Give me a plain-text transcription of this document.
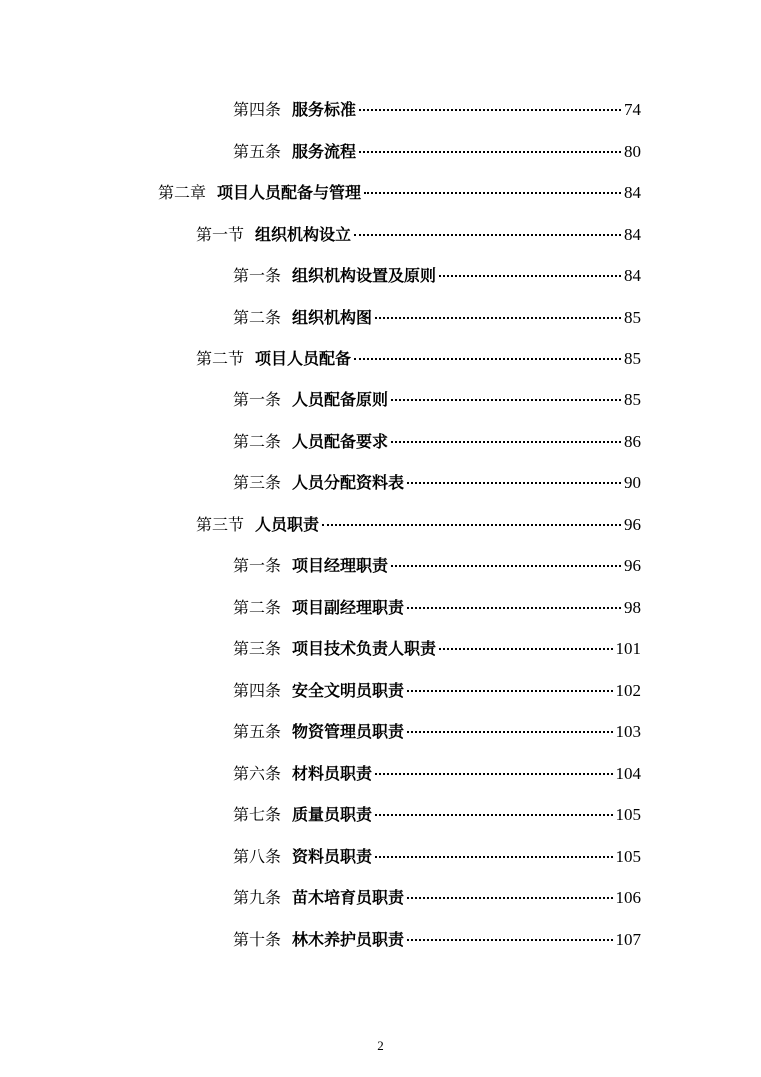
第四条 服务标准	74
第五条 服务流程	80
第二章 项目人员配备与管理	84
第一节 组织机构设立	84
第一条 组织机构设置及原则	84
第二条 组织机构图	85
第二节 项目人员配备	85
第一条 人员配备原则	85
第二条 人员配备要求	86
第三条 人员分配资料表	90
第三节 人员职责	96
第一条 项目经理职责	96
第二条 项目副经理职责	98
第三条 项目技术负责人职责	101
第四条 安全文明员职责	102
第五条 物资管理员职责	103
第六条 材料员职责	104
第七条 质量员职责	105
第八条 资料员职责	105
第九条 苗木培育员职责	106
第十条 林木养护员职责	107
2
